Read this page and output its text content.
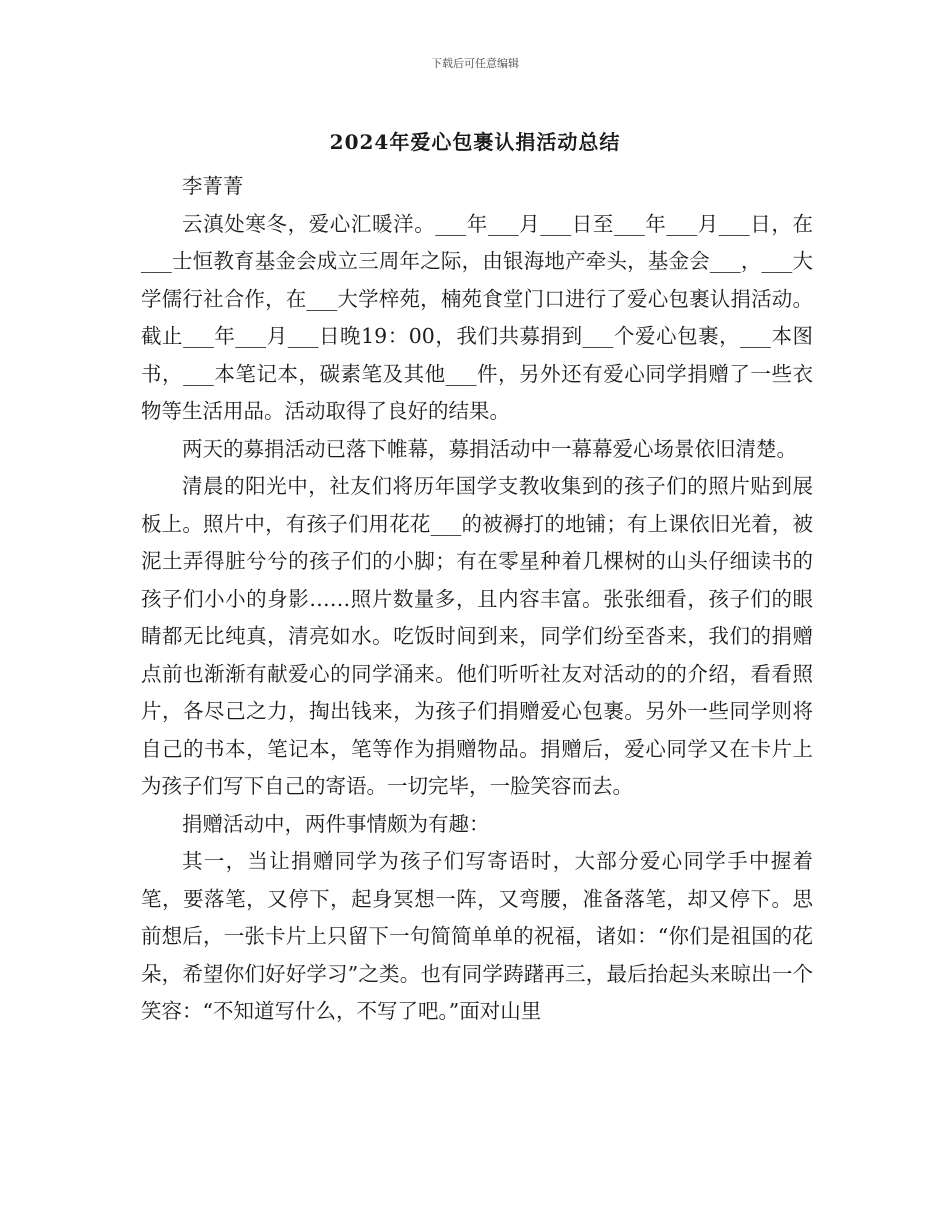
下载后可任意编辑
2024年爱心包裹认捐活动总结

李菁菁

云滇处寒冬，爱心汇暖洋。___年___月___日至___年___月___日，在___士恒教育基金会成立三周年之际，由银海地产牵头，基金会___，___大学儒行社合作，在___大学梓苑，楠苑食堂门口进行了爱心包裹认捐活动。截止___年___月___日晚19：00，我们共募捐到___个爱心包裹，___本图书，___本笔记本，碳素笔及其他___件，另外还有爱心同学捐赠了一些衣物等生活用品。活动取得了良好的结果。

两天的募捐活动已落下帷幕，募捐活动中一幕幕爱心场景依旧清楚。

清晨的阳光中，社友们将历年国学支教收集到的孩子们的照片贴到展板上。照片中，有孩子们用花花___的被褥打的地铺；有上课依旧光着，被泥土弄得脏兮兮的孩子们的小脚；有在零星种着几棵树的山头仔细读书的孩子们小小的身影……照片数量多，且内容丰富。张张细看，孩子们的眼睛都无比纯真，清亮如水。吃饭时间到来，同学们纷至沓来，我们的捐赠点前也渐渐有献爱心的同学涌来。他们听听社友对活动的的介绍，看看照片，各尽己之力，掏出钱来，为孩子们捐赠爱心包裹。另外一些同学则将自己的书本，笔记本，笔等作为捐赠物品。捐赠后，爱心同学又在卡片上为孩子们写下自己的寄语。一切完毕，一脸笑容而去。

捐赠活动中，两件事情颇为有趣：

其一，当让捐赠同学为孩子们写寄语时，大部分爱心同学手中握着笔，要落笔，又停下，起身冥想一阵，又弯腰，准备落笔，却又停下。思前想后，一张卡片上只留下一句简简单单的祝福，诸如：“你们是祖国的花朵，希望你们好好学习”之类。也有同学踌躇再三，最后抬起头来晾出一个笑容：“不知道写什么，不写了吧。”面对山里
